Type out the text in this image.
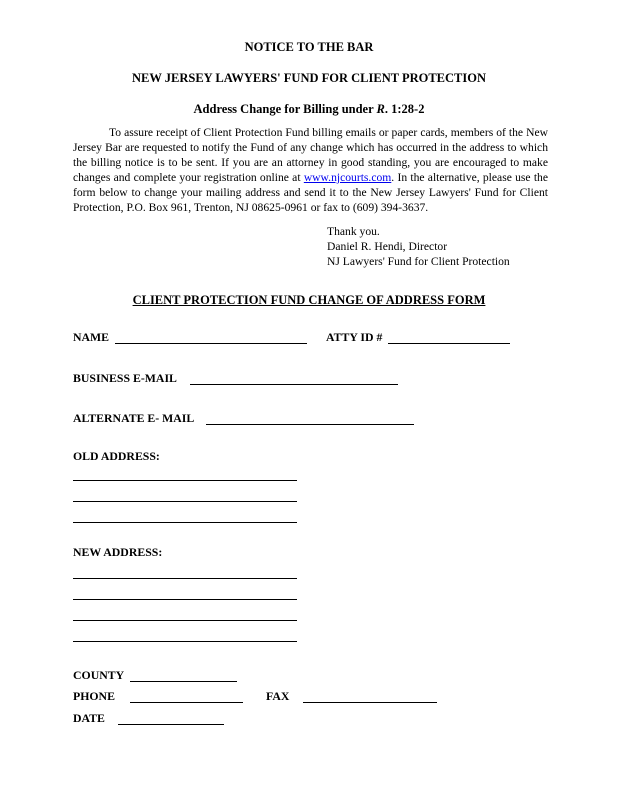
NOTICE TO THE BAR
NEW JERSEY LAWYERS' FUND FOR CLIENT PROTECTION
Address Change for Billing under R. 1:28-2
To assure receipt of Client Protection Fund billing emails or paper cards, members of the New Jersey Bar are requested to notify the Fund of any change which has occurred in the address to which the billing notice is to be sent. If you are an attorney in good standing, you are encouraged to make changes and complete your registration online at www.njcourts.com. In the alternative, please use the form below to change your mailing address and send it to the New Jersey Lawyers' Fund for Client Protection, P.O. Box 961, Trenton, NJ 08625-0961 or fax to (609) 394-3637.
Thank you.
Daniel R. Hendi, Director
NJ Lawyers' Fund for Client Protection
CLIENT PROTECTION FUND CHANGE OF ADDRESS FORM
NAME	ATTY ID #
BUSINESS E-MAIL
ALTERNATE E- MAIL
OLD ADDRESS:
NEW ADDRESS:
COUNTY
PHONE	FAX
DATE
